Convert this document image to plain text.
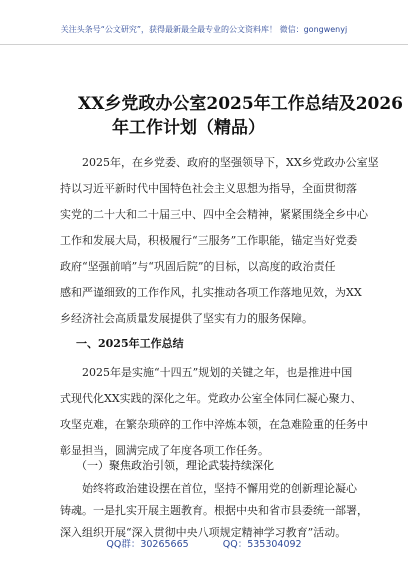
关注头条号“公文研究”，获得最新最全最专业的公文资料库！ 微信：gongwenyj
XX乡党政办公室2025年工作总结及2026
年工作计划（精品）
2025年，在乡党委、政府的坚强领导下，XX乡党政办公室坚
持以习近平新时代中国特色社会主义思想为指导，全面贯彻落
实党的二十大和二十届三中、四中全会精神，紧紧围绕全乡中心
工作和发展大局，积极履行“三服务”工作职能，锚定当好党委
政府“坚强前哨”与“巩固后院”的目标，以高度的政治责任
感和严谨细致的工作作风，扎实推动各项工作落地见效，为XX
乡经济社会高质量发展提供了坚实有力的服务保障。
一、2025年工作总结
2025年是实施“十四五”规划的关键之年，也是推进中国
式现代化XX实践的深化之年。党政办公室全体同仁凝心聚力、
攻坚克难，在繁杂琐碎的工作中淬炼本领，在急难险重的任务中
彰显担当，圆满完成了年度各项工作任务。
（一）聚焦政治引领，理论武装持续深化
始终将政治建设摆在首位，坚持不懈用党的创新理论凝心
铸魂。一是扎实开展主题教育。根据中央和省市县委统一部署，
深入组织开展“深入贯彻中央八项规定精神学习教育”活动。
QQ群：30265665	QQ：535304092
